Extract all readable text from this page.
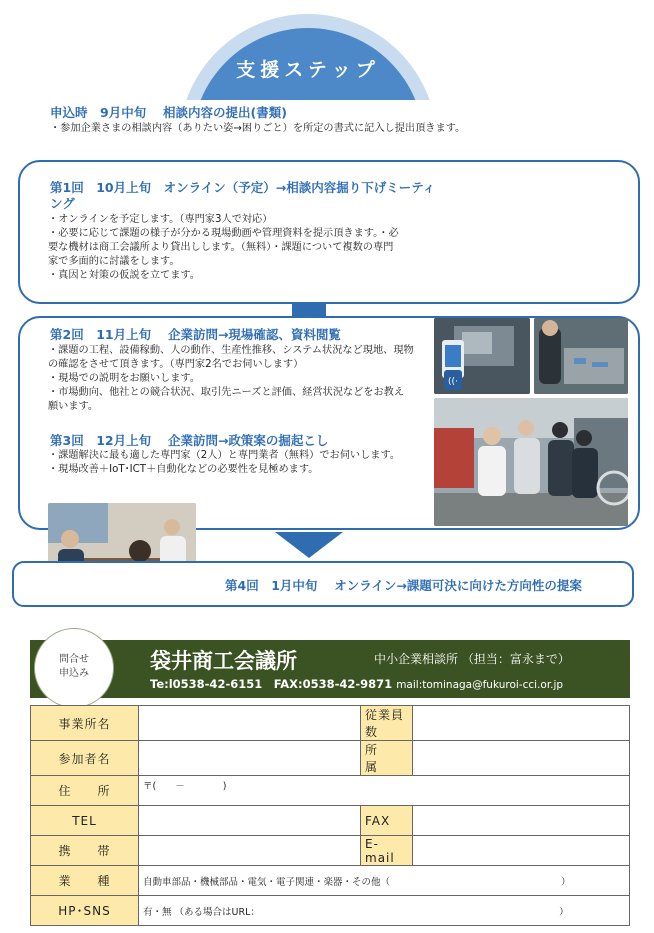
支援ステップ
申込時　9月中旬　 相談内容の提出(書類)
・参加企業さまの相談内容（ありたい姿→困りごと）を所定の書式に記入し提出頂きます。
第1回　10月上旬　オンライン（予定）→相談内容掘り下げミーティ
ング
・オンラインを予定します。（専門家3人で対応）
・必要に応じて課題の様子が分かる現場動画や管理資料を提示頂きます。・必
要な機材は商工会議所より貸出しします。（無料）・課題について複数の専門
家で多面的に討議をします。
・真因と対策の仮説を立てます。
第2回　11月上旬　 企業訪問→現場確認、資料閲覧
・課題の工程、設備稼動、人の動作、生産性推移、システム状況など現地、現物
の確認をさせて頂きます。（専門家2名でお伺いします）
・現場での説明をお願いします。
・市場動向、他社との競合状況、取引先ニーズと評価、経営状況などをお教え
願います。
第3回　12月上旬　 企業訪問→政策案の掘起こし
・課題解決に最も適した専門家（2人）と専門業者（無料）でお伺いします。
・現場改善＋IoT･ICT＋自動化などの必要性を見極めます。
((·
第4回　1月中旬　 オンライン→課題可決に向けた方向性の提案
問合せ
申込み
袋井商工会議所	中小企業相談所 （担当：富永まで）
Te:l0538-42-6151　FAX:0538-42-9871 mail:tominaga@fukuroi-cci.or.jp
事業所名		従業員数	
参加者名		所　　属	
住　　所	〒(　　－　　　　)		
TEL		FAX	
携　　帯		E-mail	
業　　種	自動車部品・機械部品・電気・電子関連・楽器・その他（　　　　　　　　　　　　　　　　　　）		
HP･SNS	有・無 （ある場合はURL：　　　　　　　　　　　　　　　　　　　　　　　　　　　　　　　　）		
